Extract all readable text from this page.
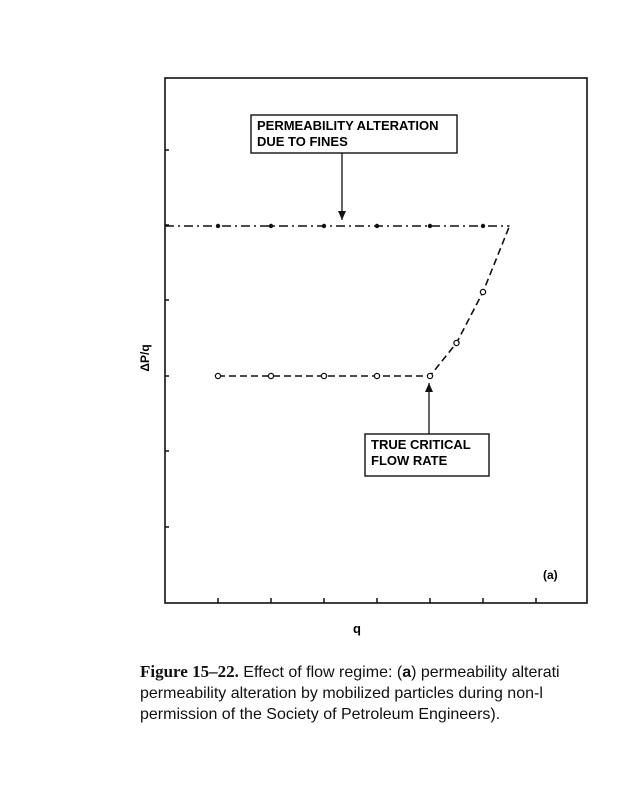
PERMEABILITY ALTERATION
DUE TO FINES
TRUE CRITICAL
FLOW RATE
q
ΔP/q
(a)
Figure 15–22. Effect of flow regime: (a) permeability alterati
permeability alteration by mobilized particles during non-l
permission of the Society of Petroleum Engineers).
